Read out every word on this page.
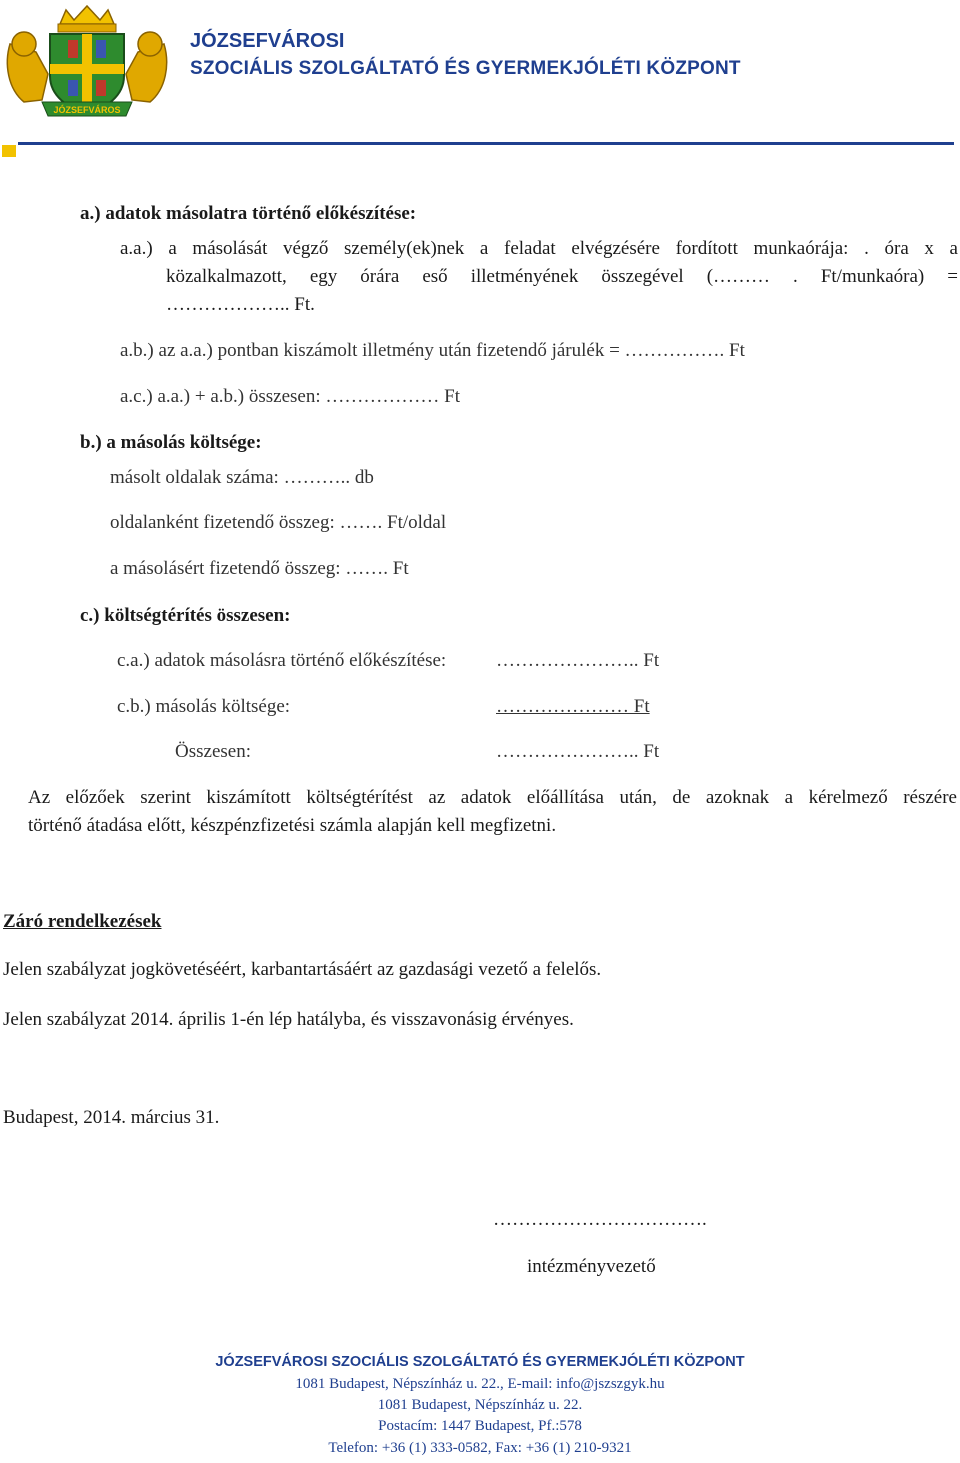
JÓZSEFVÁROS
JÓZSEFVÁROSI
SZOCIÁLIS SZOLGÁLTATÓ ÉS GYERMEKJÓLÉTI KÖZPONT
a.) adatok másolatra történő előkészítése:
a.a.) a másolását végző személy(ek)nek a feladat elvégzésére fordított munkaórája: . óra x a
közalkalmazott, egy órára eső illetményének összegével (……… . Ft/munkaóra) =
……………….. Ft.
a.b.) az a.a.) pontban kiszámolt illetmény után fizetendő járulék = ……………. Ft
a.c.) a.a.) + a.b.) összesen: ……………… Ft
b.) a másolás költsége:
másolt oldalak száma: ……….. db
oldalanként fizetendő összeg: ……. Ft/oldal
a másolásért fizetendő összeg: ……. Ft
c.) költségtérítés összesen:
c.a.) adatok másolásra történő előkészítése:	………………….. Ft
c.b.) másolás költsége:	………………… Ft
Összesen:	………………….. Ft
Az előzőek szerint kiszámított költségtérítést az adatok előállítása után, de azoknak a kérelmező részére
történő átadása előtt, készpénzfizetési számla alapján kell megfizetni.
Záró rendelkezések
Jelen szabályzat jogkövetéséért, karbantartásáért az gazdasági vezető a felelős.
Jelen szabályzat 2014. április 1-én lép hatályba, és visszavonásig érvényes.
Budapest, 2014. március 31.
…………………………….
intézményvezető
JÓZSEFVÁROSI SZOCIÁLIS SZOLGÁLTATÓ ÉS GYERMEKJÓLÉTI KÖZPONT
1081 Budapest, Népszínház u. 22., E-mail: info@jszszgyk.hu
1081 Budapest, Népszínház u. 22.
Postacím: 1447 Budapest, Pf.:578
Telefon: +36 (1) 333-0582, Fax: +36 (1) 210-9321
